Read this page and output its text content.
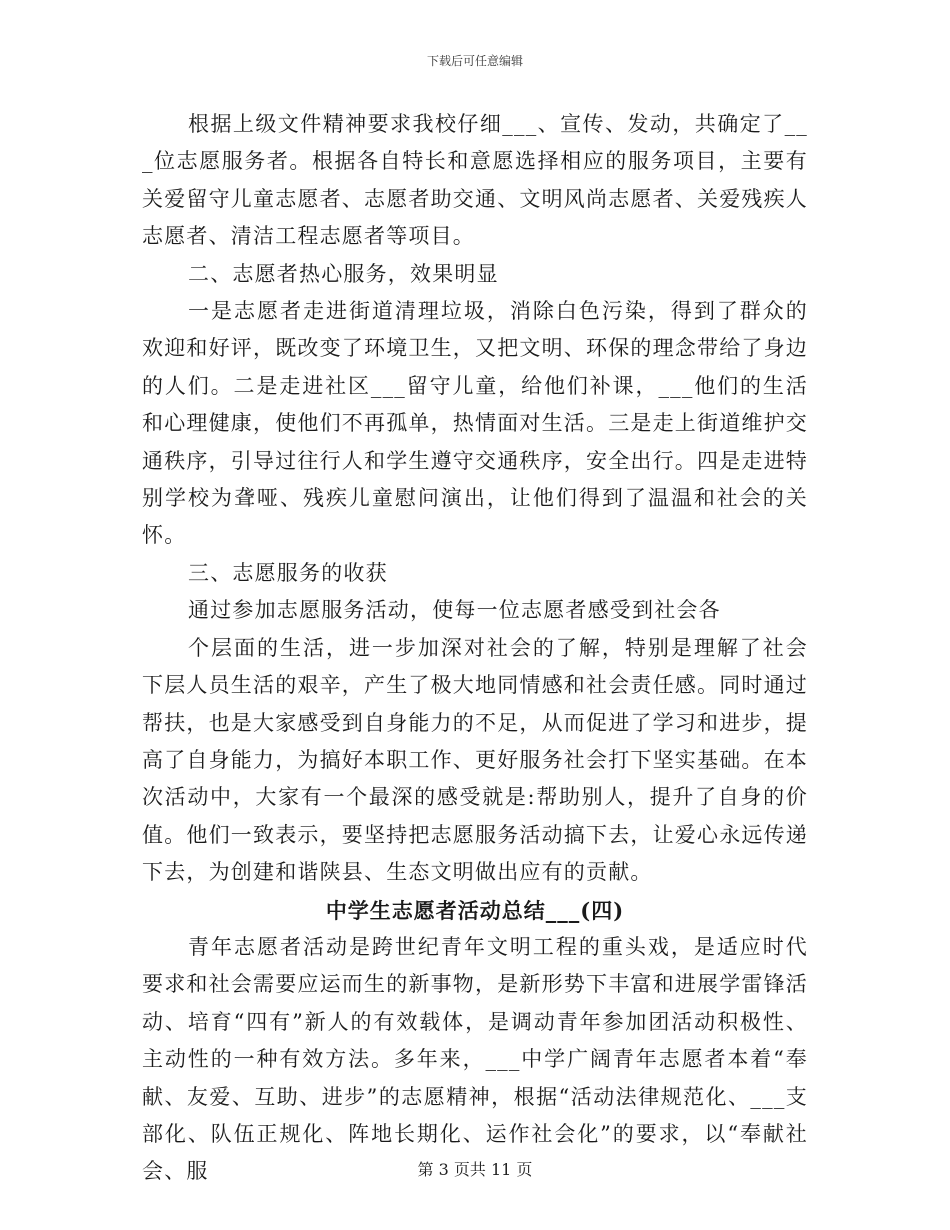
下载后可任意编辑

根据上级文件精神要求我校仔细___、宣传、发动，共确定了___位志愿服务者。根据各自特长和意愿选择相应的服务项目，主要有关爱留守儿童志愿者、志愿者助交通、文明风尚志愿者、关爱残疾人志愿者、清洁工程志愿者等项目。

二、志愿者热心服务，效果明显

一是志愿者走进街道清理垃圾，消除白色污染，得到了群众的欢迎和好评，既改变了环境卫生，又把文明、环保的理念带给了身边的人们。二是走进社区___留守儿童，给他们补课，___他们的生活和心理健康，使他们不再孤单，热情面对生活。三是走上街道维护交通秩序，引导过往行人和学生遵守交通秩序，安全出行。四是走进特别学校为聋哑、残疾儿童慰问演出，让他们得到了温温和社会的关怀。

三、志愿服务的收获

通过参加志愿服务活动，使每一位志愿者感受到社会各

个层面的生活，进一步加深对社会的了解，特别是理解了社会下层人员生活的艰辛，产生了极大地同情感和社会责任感。同时通过帮扶，也是大家感受到自身能力的不足，从而促进了学习和进步，提高了自身能力，为搞好本职工作、更好服务社会打下坚实基础。在本次活动中，大家有一个最深的感受就是:帮助别人，提升了自身的价值。他们一致表示，要坚持把志愿服务活动搞下去，让爱心永远传递下去，为创建和谐陕县、生态文明做出应有的贡献。

中学生志愿者活动总结___(四)

青年志愿者活动是跨世纪青年文明工程的重头戏，是适应时代要求和社会需要应运而生的新事物，是新形势下丰富和进展学雷锋活动、培育“四有”新人的有效载体，是调动青年参加团活动积极性、主动性的一种有效方法。多年来，___中学广阔青年志愿者本着“奉献、友爱、互助、进步”的志愿精神，根据“活动法律规范化、___支部化、队伍正规化、阵地长期化、运作社会化”的要求，以“奉献社会、服	第 3 页共 11 页
